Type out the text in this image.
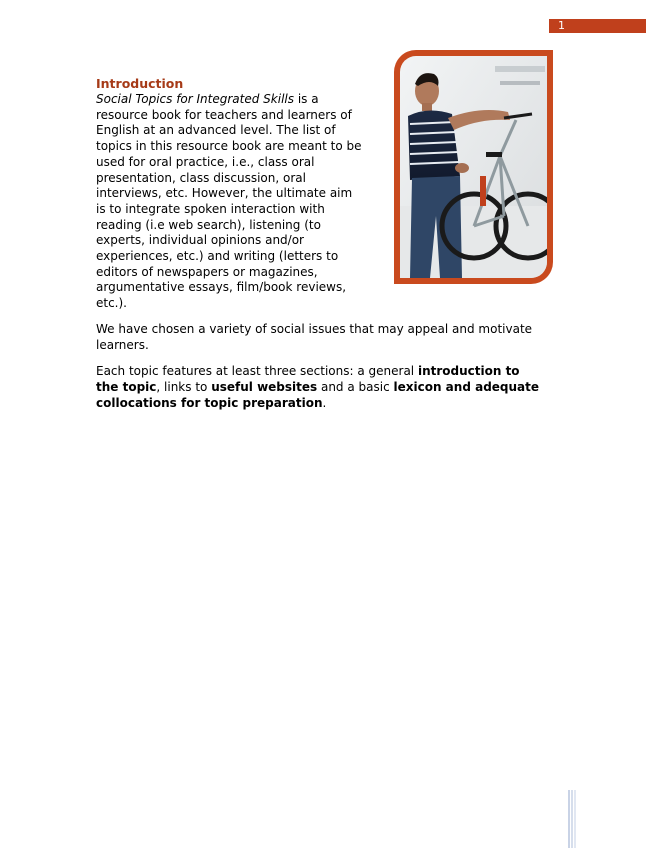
1

Introduction

Social Topics for Integrated Skills is a resource book for teachers and learners of English at an advanced level. The list of topics in this resource book are meant to be used for oral practice, i.e., class oral presentation, class discussion, oral interviews, etc. However, the ultimate aim is to integrate spoken interaction with reading (i.e web search), listening (to experts, individual opinions and/or experiences, etc.) and writing (letters to editors of newspapers or magazines, argumentative essays, film/book reviews, etc.).

We have chosen a variety of social issues that may appeal and motivate learners.

Each topic features at least three sections: a general introduction to the topic, links to useful websites and a basic lexicon and adequate collocations for topic preparation.
